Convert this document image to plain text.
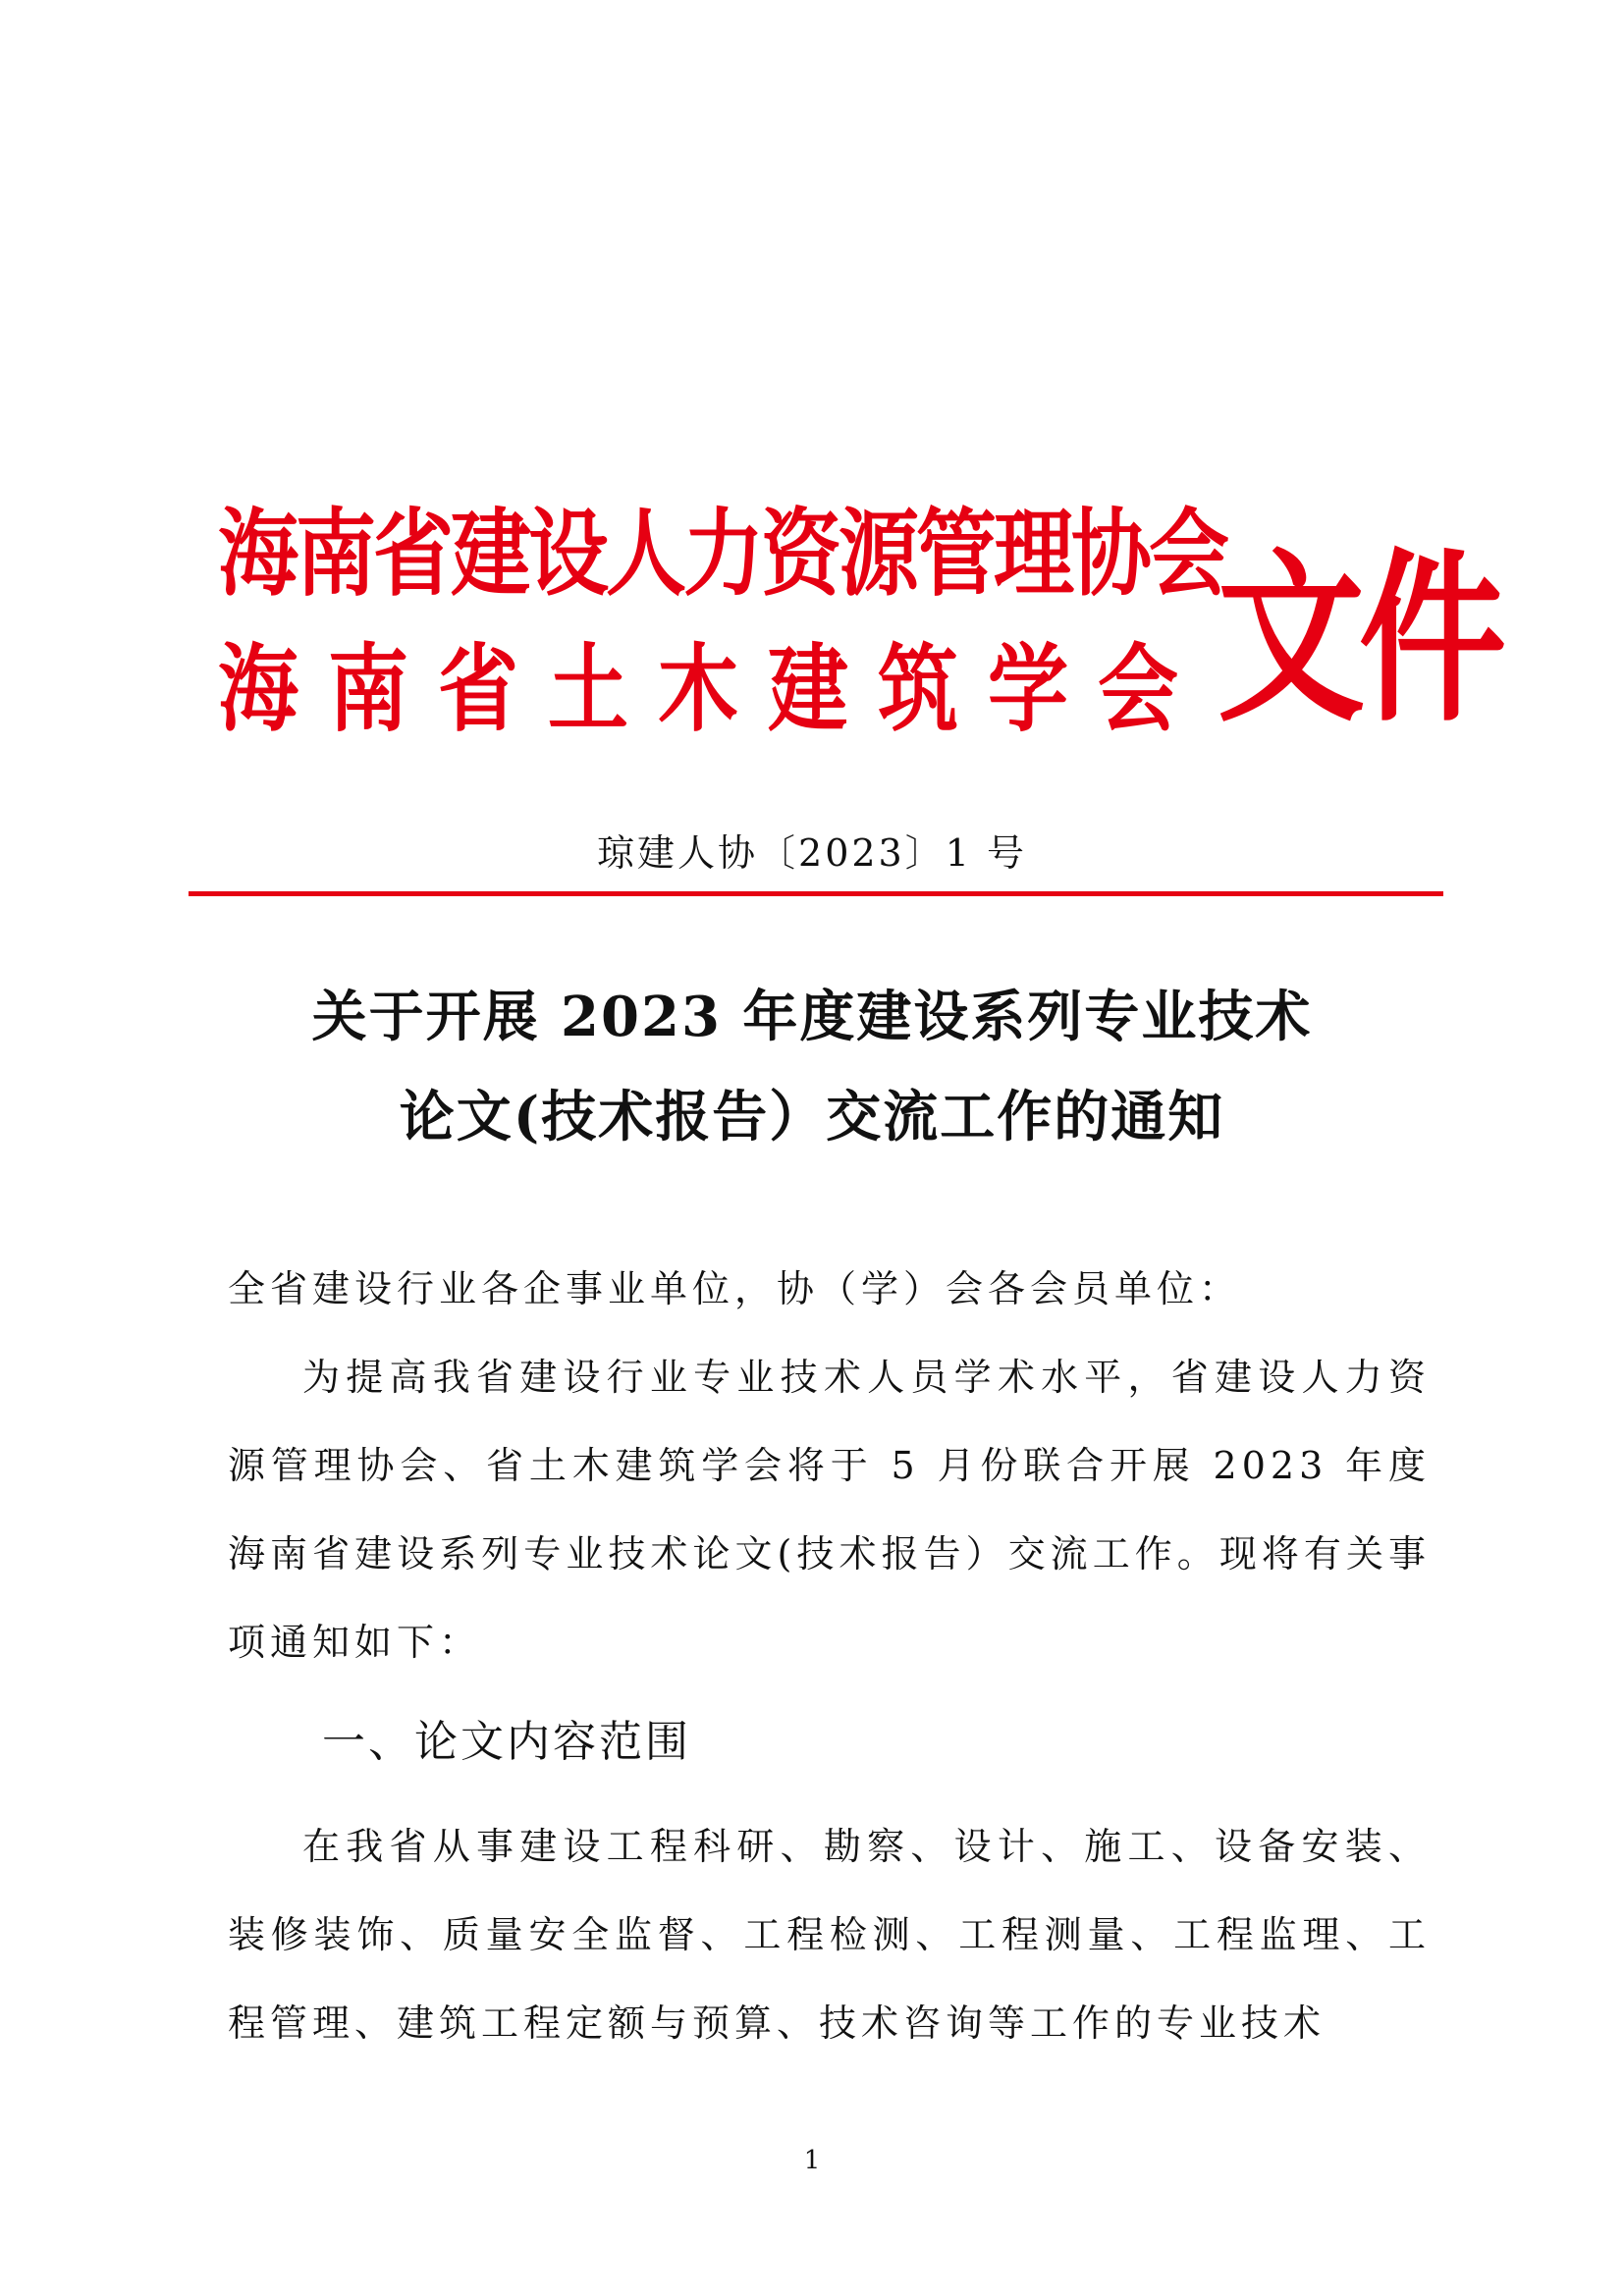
海南省建设人力资源管理协会
海南省土木建筑学会 文件
琼建人协〔2023〕1 号
关于开展 2023 年度建设系列专业技术
论文(技术报告）交流工作的通知
全省建设行业各企事业单位，协（学）会各会员单位：
为提高我省建设行业专业技术人员学术水平，省建设人力资源管理协会、省土木建筑学会将于 5 月份联合开展 2023 年度海南省建设系列专业技术论文(技术报告）交流工作。现将有关事项通知如下：
一、论文内容范围
在我省从事建设工程科研、勘察、设计、施工、设备安装、装修装饰、质量安全监督、工程检测、工程测量、工程监理、工程管理、建筑工程定额与预算、技术咨询等工作的专业技术
1
